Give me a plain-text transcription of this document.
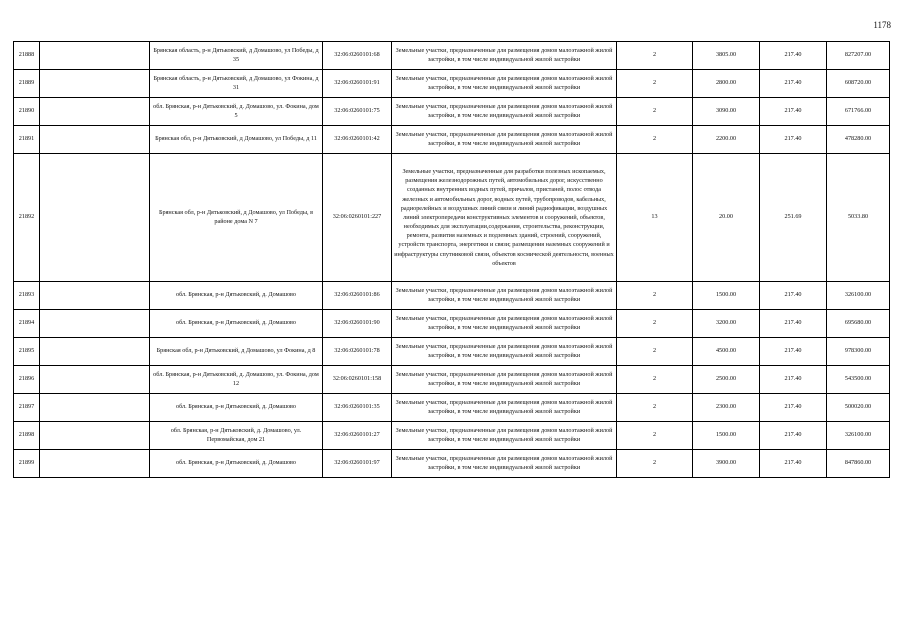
1178
21888		Брянская область, р-н Дятьковский, д Домашово, ул Победы, д 35	32:06:0260101:68	Земельные участки, предназначенные для размещения домов малоэтажной жилой застройки, в том числе индивидуальной жилой застройки	2	3805.00	217.40	827207.00
21889		Брянская область, р-н Дятьковский, д Домашово, ул Фокина, д 31	32:06:0260101:91	Земельные участки, предназначенные для размещения домов малоэтажной жилой застройки, в том числе индивидуальной жилой застройки	2	2800.00	217.40	608720.00
21890		обл. Брянская, р-н Дятьковский, д. Домашово, ул. Фокина, дом 5	32:06:0260101:75	Земельные участки, предназначенные для размещения домов малоэтажной жилой застройки, в том числе индивидуальной жилой застройки	2	3090.00	217.40	671766.00
21891		Брянская обл, р-н Дятьковский, д Домашово, ул Победы, д 11	32:06:0260101:42	Земельные участки, предназначенные для размещения домов малоэтажной жилой застройки, в том числе индивидуальной жилой застройки	2	2200.00	217.40	478280.00
21892		Брянская обл, р-н Дятьковский, д Домашово, ул Победы, в районе дома N 7	32:06:0260101:227	Земельные участки, предназначенные для разработки полезных ископаемых, размещения железнодорожных путей, автомобильных дорог, искусственно созданных внутренних водных путей, причалов, пристаней, полос отвода железных и автомобильных дорог, водных путей, трубопроводов, кабельных, радиорелейных и воздушных линий связи и линий радиофикации, воздушных линий электропередачи конструктивных элементов и сооружений, объектов, необходимых для эксплуатации,содержания, строительства, реконструкции, ремонта, развития наземных и подземных зданий, строений, сооружений, устройств транспорта, энергетики и связи; размещения наземных сооружений и инфраструктуры спутниковой связи, объектов космической деятельности, военных объектов	13	20.00	251.69	5033.80
21893		обл. Брянская, р-н Дятьковский, д. Домашово	32:06:0260101:86	Земельные участки, предназначенные для размещения домов малоэтажной жилой застройки, в том числе индивидуальной жилой застройки	2	1500.00	217.40	326100.00
21894		обл. Брянская, р-н Дятьковский, д. Домашово	32:06:0260101:90	Земельные участки, предназначенные для размещения домов малоэтажной жилой застройки, в том числе индивидуальной жилой застройки	2	3200.00	217.40	695680.00
21895		Брянская обл, р-н Дятьковский, д Домашово, ул Фокина, д 8	32:06:0260101:78	Земельные участки, предназначенные для размещения домов малоэтажной жилой застройки, в том числе индивидуальной жилой застройки	2	4500.00	217.40	978300.00
21896		обл. Брянская, р-н Дятьковский, д. Домашово, ул. Фокина, дом 12	32:06:0260101:158	Земельные участки, предназначенные для размещения домов малоэтажной жилой застройки, в том числе индивидуальной жилой застройки	2	2500.00	217.40	543500.00
21897		обл. Брянская, р-н Дятьковский, д. Домашово	32:06:0260101:35	Земельные участки, предназначенные для размещения домов малоэтажной жилой застройки, в том числе индивидуальной жилой застройки	2	2300.00	217.40	500020.00
21898		обл. Брянская, р-н Дятьковский, д. Домашово, ул. Первомайская, дом 21	32:06:0260101:27	Земельные участки, предназначенные для размещения домов малоэтажной жилой застройки, в том числе индивидуальной жилой застройки	2	1500.00	217.40	326100.00
21899		обл. Брянская, р-н Дятьковский, д. Домашово	32:06:0260101:97	Земельные участки, предназначенные для размещения домов малоэтажной жилой застройки, в том числе индивидуальной жилой застройки	2	3900.00	217.40	847860.00
